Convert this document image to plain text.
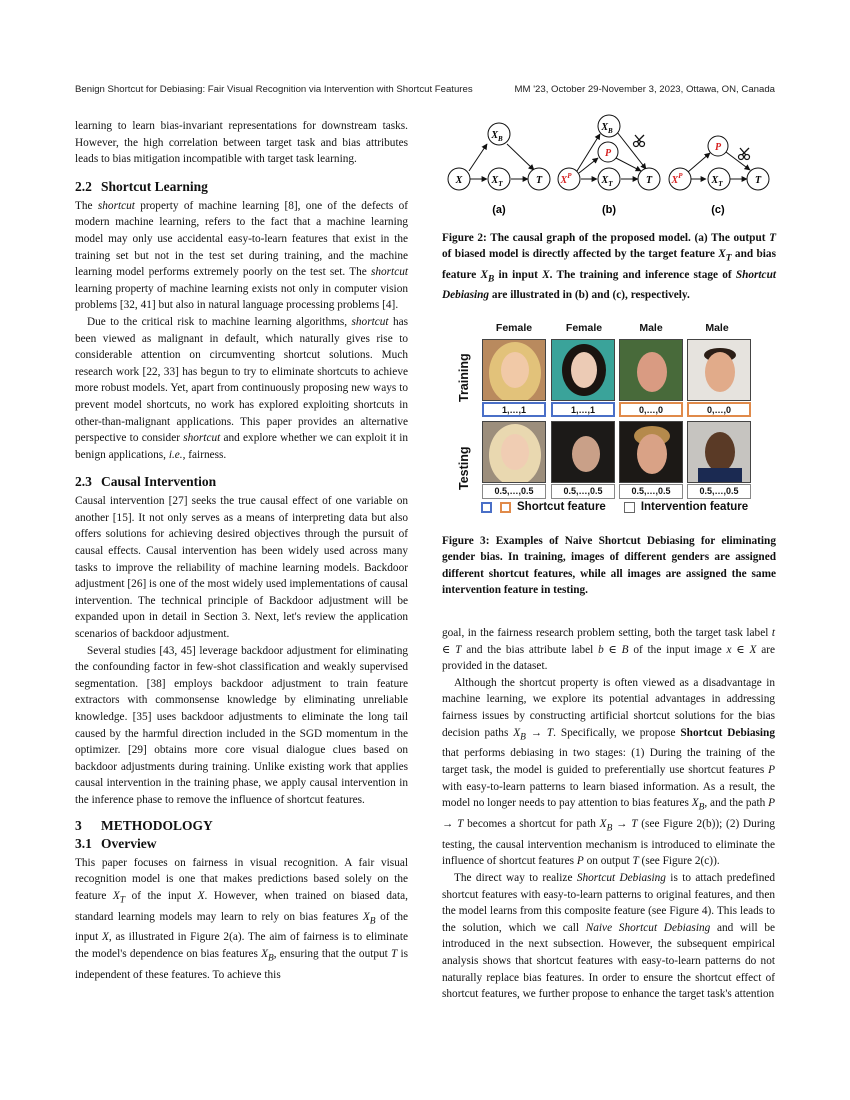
Benign Shortcut for Debiasing: Fair Visual Recognition via Intervention with Shortcut Features	MM '23, October 29-November 3, 2023, Ottawa, ON, Canada

learning to learn bias-invariant representations for downstream tasks. However, the high correlation between target task and bias attributes leads to bias mitigation incompatible with target task learning.

2.2 Shortcut Learning

The shortcut property of machine learning [8], one of the defects of modern machine learning, refers to the fact that a machine learning model may only use accidental easy-to-learn features that exist in the training set but not in the test set during training, and the machine learning model performs extremely poorly on the test set. The shortcut learning property of machine learning exists not only in computer vision problems [32, 41] but also in natural language processing problems [4].

Due to the critical risk to machine learning algorithms, shortcut has been viewed as malignant in default, which naturally gives rise to considerable attention on circumventing shortcut solutions. Much research work [22, 33] has begun to try to eliminate shortcuts to achieve more robust models. Yet, apart from continuously proposing new ways to prevent model shortcuts, no work has explored exploiting shortcuts in other-than-malignant applications. This paper provides an alternative perspective to consider shortcut and explore whether we can exploit it in benign applications, i.e., fairness.

2.3 Causal Intervention

Causal intervention [27] seeks the true causal effect of one variable on another [15]. It not only serves as a means of interpreting data but also offers solutions for achieving desired objectives through the pursuit of causal effects. Causal intervention has been widely used across many tasks to improve the reliability of machine learning models. Backdoor adjustment [26] is one of the most widely used implementations of causal intervention. The technical principle of Backdoor adjustment will be expanded upon in detail in Section 3. Next, let's review the application scenarios of backdoor adjustment.

Several studies [43, 45] leverage backdoor adjustment for eliminating the confounding factor in few-shot classification and weakly supervised segmentation. [38] employs backdoor adjustment to train feature extractors with commonsense knowledge by eliminating unreliable knowledge. [35] uses backdoor adjustments to eliminate the long tail caused by the harmful direction included in the SGD momentum in the optimizer. [29] obtains more core visual dialogue clues based on backdoor adjustments during training. Unlike existing work that applies causal intervention in the training phase, we apply causal intervention in the inference phase to remove the influence of shortcut features.

3 METHODOLOGY
3.1 Overview

This paper focuses on fairness in visual recognition. A fair visual recognition model is one that makes predictions based solely on the feature $X_T$ of the input X. However, when trained on biased data, standard learning models may learn to rely on bias features $X_B$ of the input X, as illustrated in Figure 2(a). The aim of fairness is to eliminate the model's dependence on bias features $X_B$, ensuring that the output T is independent of these features. To achieve this

X	$X_T$
$X_B$
T $X^P$	$X_T$
P
$X_B$
T $X^P$	$X_T$
P
T
(a)	(b)	(c)
Figure 2: The causal graph of the proposed model. (a) The output T of biased model is directly affected by the target feature $X_T$ and bias feature $X_B$ in input X. The training and inference stage of Shortcut Debiasing are illustrated in (b) and (c), respectively.
Female	Female	Male	Male
Training
Testing
1,…,1	1,…,1	0,…,0	0,…,0
0.5,…,0.5	0.5,…,0.5	0.5,…,0.5	0.5,…,0.5
Shortcut feature	Intervention feature
Figure 3: Examples of Naive Shortcut Debiasing for eliminating gender bias. In training, images of different genders are assigned different shortcut features, while all images are assigned the same intervention feature in testing.

goal, in the fairness research problem setting, both the target task label t ∈ T and the bias attribute label b ∈ B of the input image x ∈ X are provided in the dataset.

Although the shortcut property is often viewed as a disadvantage in machine learning, we explore its potential advantages in addressing fairness issues by constructing artificial shortcut solutions for the bias decision paths $X_B \to T$. Specifically, we propose Shortcut Debiasing that performs debiasing in two stages: (1) During the training of the target task, the model is guided to preferentially use shortcut features P with easy-to-learn patterns to learn biased information. As a result, the model no longer needs to pay attention to bias features $X_B$, and the path P → T becomes a shortcut for path $X_B \to T$ (see Figure 2(b)); (2) During testing, the causal intervention mechanism is introduced to eliminate the influence of shortcut features P on output T (see Figure 2(c)).

The direct way to realize Shortcut Debiasing is to attach predefined shortcut features with easy-to-learn patterns to original features, and then the model learns from this composite feature (see Figure 4). This leads to the solution, which we call Naive Shortcut Debiasing and will be introduced in the next subsection. However, the subsequent empirical analysis shows that shortcut features with easy-to-learn patterns do not naturally replace bias features. In order to ensure the shortcut effect of shortcut features, we further propose to enhance the target task's attention
